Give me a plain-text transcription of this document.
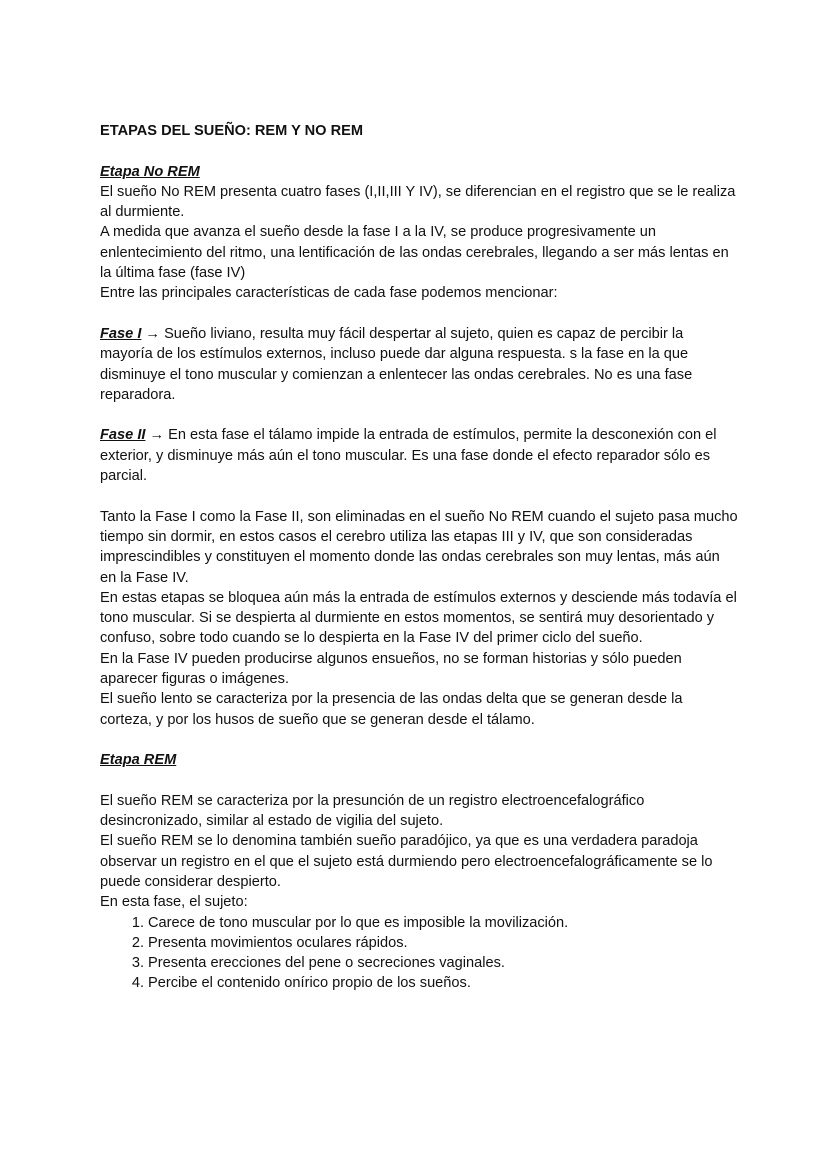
ETAPAS DEL SUEÑO: REM Y NO REM

Etapa No REM

El sueño No REM presenta cuatro fases (I,II,III Y IV), se diferencian en el registro que se le realiza al durmiente.

A medida que avanza el sueño desde la fase I a la IV, se produce progresivamente un enlentecimiento del ritmo, una lentificación de las ondas cerebrales, llegando a ser más lentas en la última fase (fase IV)

Entre las principales características de cada fase podemos mencionar:

Fase I → Sueño liviano, resulta muy fácil despertar al sujeto, quien es capaz de percibir la mayoría de los estímulos externos, incluso puede dar alguna respuesta. s la fase en la que disminuye el tono muscular y comienzan a enlentecer las ondas cerebrales. No es una fase reparadora.

Fase II → En esta fase el tálamo impide la entrada de estímulos, permite la desconexión con el exterior, y disminuye más aún el tono muscular. Es una fase donde el efecto reparador sólo es parcial.

Tanto la Fase I como la Fase II, son eliminadas en el sueño No REM cuando el sujeto pasa mucho tiempo sin dormir, en estos casos el cerebro utiliza las etapas III y IV, que son consideradas imprescindibles y constituyen el momento donde las ondas cerebrales son muy lentas, más aún en la Fase IV.

En estas etapas se bloquea aún más la entrada de estímulos externos y desciende más todavía el tono muscular. Si se despierta al durmiente en estos momentos, se sentirá muy desorientado y confuso, sobre todo cuando se lo despierta en la Fase IV del primer ciclo del sueño.

En la Fase IV pueden producirse algunos ensueños, no se forman historias y sólo pueden aparecer figuras o imágenes.

El sueño lento se caracteriza por la presencia de las ondas delta que se generan desde la corteza, y por los husos de sueño que se generan desde el tálamo.

Etapa REM

El sueño REM se caracteriza por la presunción de un registro electroencefalográfico desincronizado, similar al estado de vigilia del sujeto.

El sueño REM se lo denomina también sueño paradójico, ya que es una verdadera paradoja observar un registro en el que el sujeto está durmiendo pero electroencefalográficamente se lo puede considerar despierto.

En esta fase, el sujeto:

1. Carece de tono muscular por lo que es imposible la movilización.
2. Presenta movimientos oculares rápidos.
3. Presenta erecciones del pene o secreciones vaginales.
4. Percibe el contenido onírico propio de los sueños.
